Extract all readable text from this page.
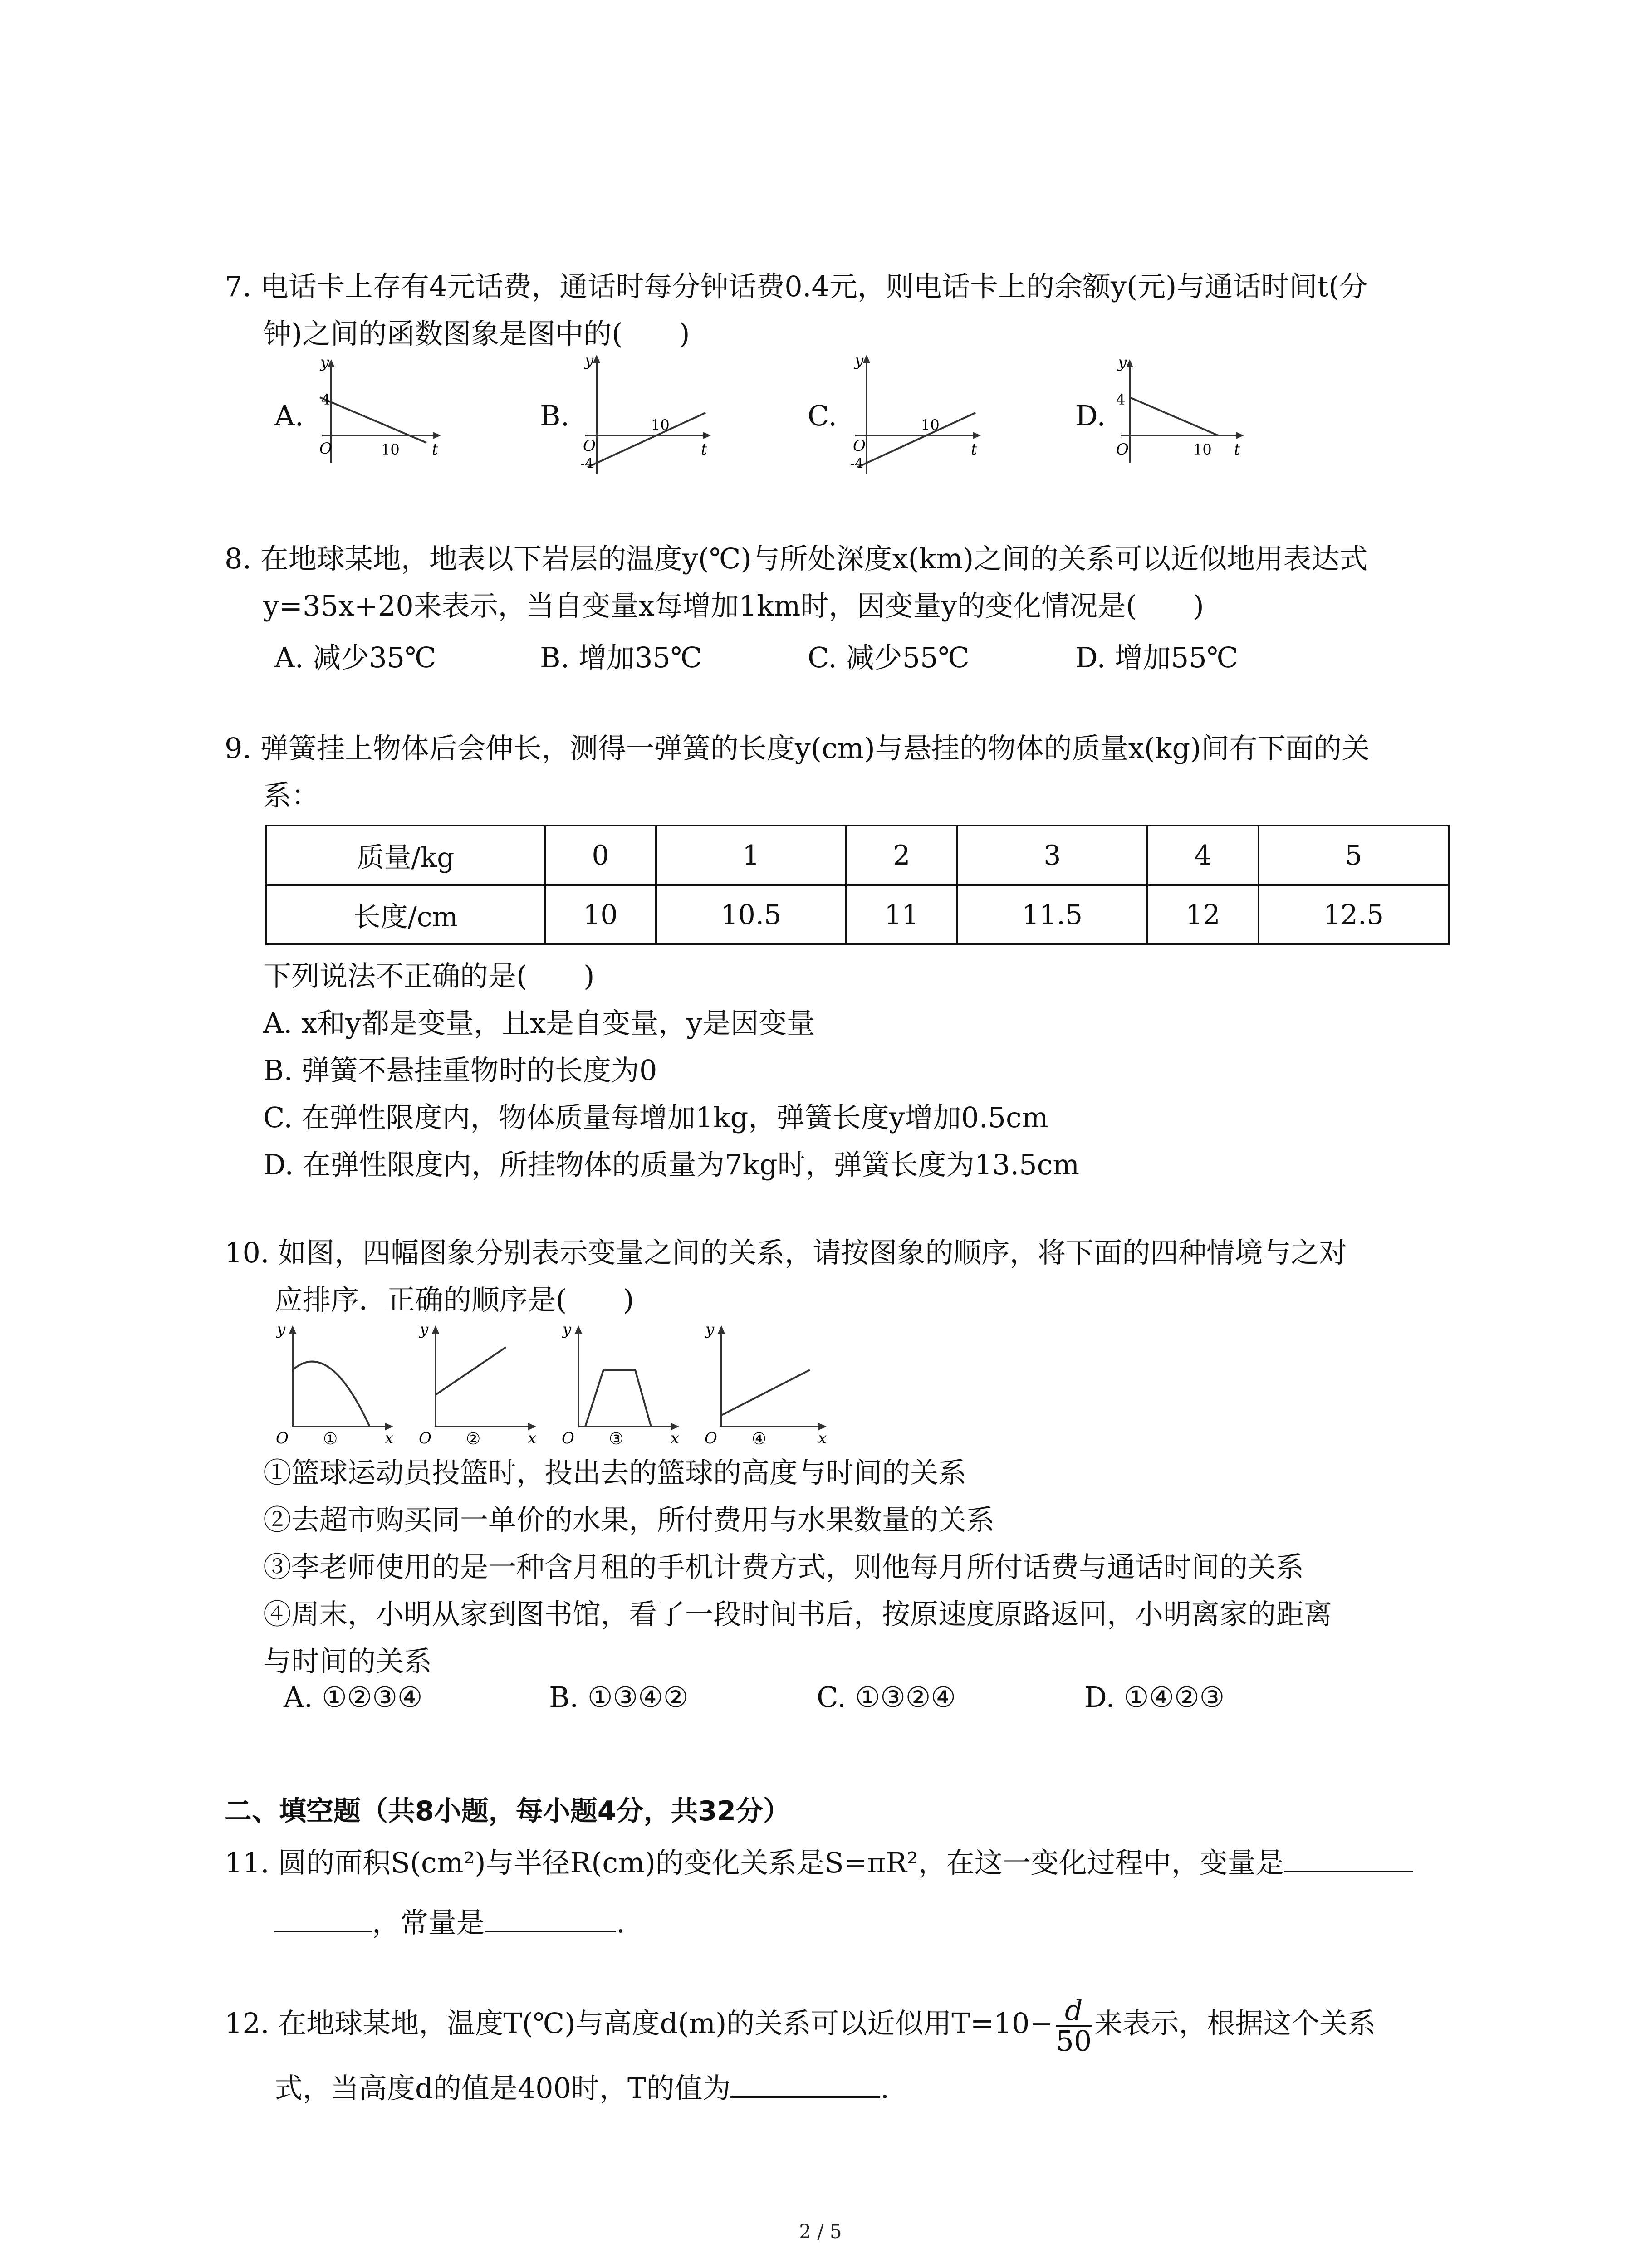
7. 电话卡上存有4元话费，通话时每分钟话费0.4元，则电话卡上的余额y(元)与通话时间t(分
钟)之间的函数图象是图中的(　　)
A.	B.	C.	D.
y
4
O	10 t
y
O
-4
10
t
y
O
-4
10
t
y
4
O	10 t
8. 在地球某地，地表以下岩层的温度y(℃)与所处深度x(km)之间的关系可以近似地用表达式
y=35x+20来表示，当自变量x每增加1km时，因变量y的变化情况是(　　)
A. 减少35℃	B. 增加35℃	C. 减少55℃	D. 增加55℃
9. 弹簧挂上物体后会伸长，测得一弹簧的长度y(cm)与悬挂的物体的质量x(kg)间有下面的关
系：
质量/kg	0	1	2	3	4	5
长度/cm	10	10.5	11	11.5	12	12.5
下列说法不正确的是(　　)
A. x和y都是变量，且x是自变量，y是因变量
B. 弹簧不悬挂重物时的长度为0
C. 在弹性限度内，物体质量每增加1kg，弹簧长度y增加0.5cm
D. 在弹性限度内，所挂物体的质量为7kg时，弹簧长度为13.5cm
10. 如图，四幅图象分别表示变量之间的关系，请按图象的顺序，将下面的四种情境与之对
应排序．正确的顺序是(　　)
y
O ①	x
y
O ②	x
y
O ③	x
y
O ④	x
①篮球运动员投篮时，投出去的篮球的高度与时间的关系
②去超市购买同一单价的水果，所付费用与水果数量的关系
③李老师使用的是一种含月租的手机计费方式，则他每月所付话费与通话时间的关系
④周末，小明从家到图书馆，看了一段时间书后，按原速度原路返回，小明离家的距离
与时间的关系
A. ①②③④	B. ①③④②	C. ①③②④	D. ①④②③
二、填空题（共8小题，每小题4分，共32分）
11. 圆的面积S(cm²)与半径R(cm)的变化关系是S=πR²，在这一变化过程中，变量是
，常量是	.
12. 在地球某地，温度T(℃)与高度d(m)的关系可以近似用$T=10- \frac{d}{50}$ 来表示，根据这个关系
式，当高度d的值是400时，T的值为	.
2 / 5
